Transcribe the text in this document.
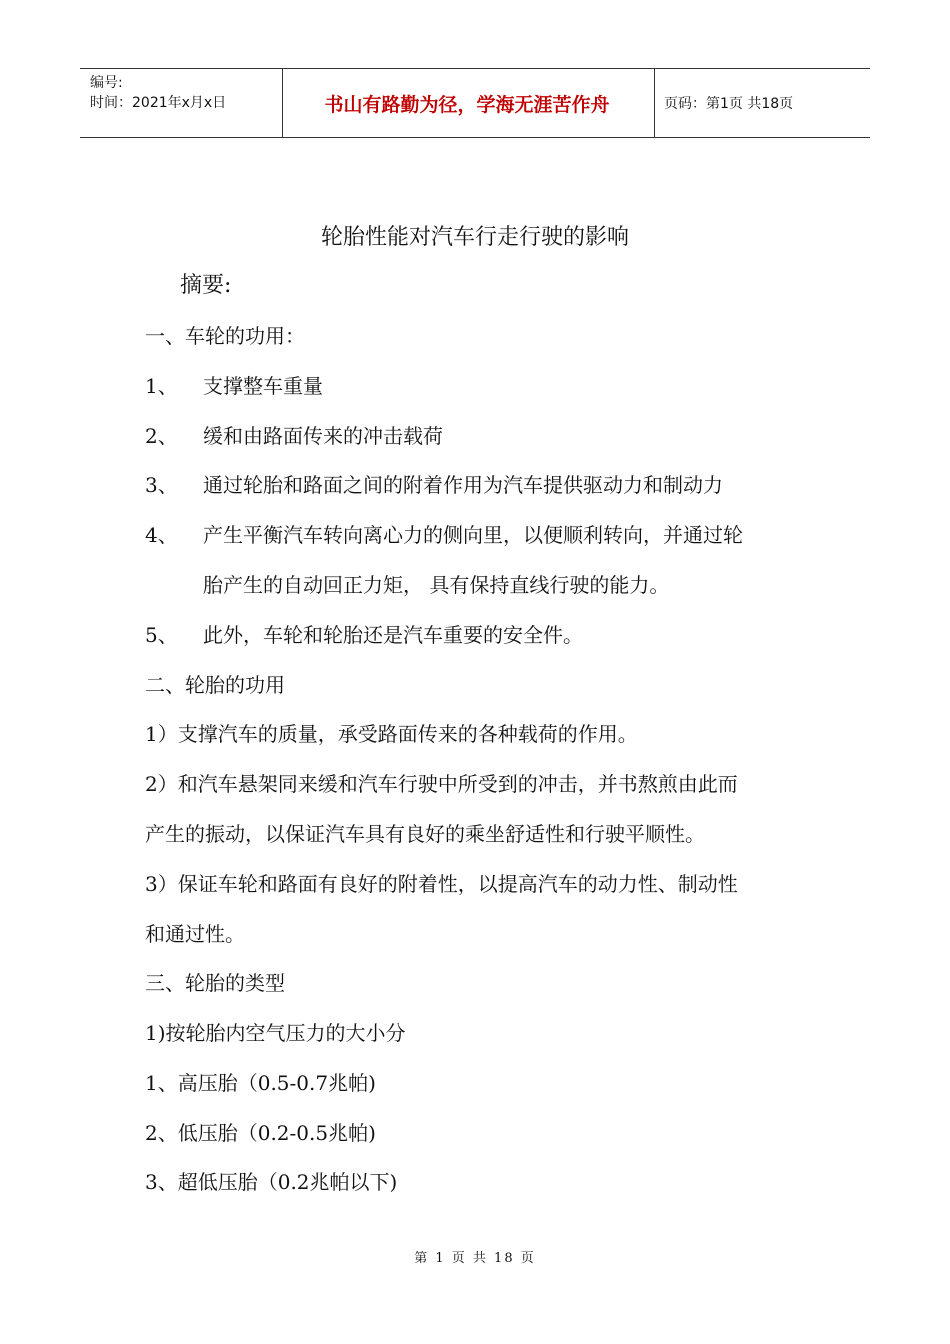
编号:
时间：2021年x月x日	书山有路勤为径，学海无涯苦作舟	页码：第1页 共18页
轮胎性能对汽车行走行驶的影响
摘要:
一、车轮的功用：
1、 支撑整车重量
2、 缓和由路面传来的冲击载荷
3、 通过轮胎和路面之间的附着作用为汽车提供驱动力和制动力
4、 产生平衡汽车转向离心力的侧向里，以便顺利转向，并通过轮
胎产生的自动回正力矩， 具有保持直线行驶的能力。
5、 此外，车轮和轮胎还是汽车重要的安全件。
二、轮胎的功用
1）支撑汽车的质量，承受路面传来的各种载荷的作用。
2）和汽车悬架同来缓和汽车行驶中所受到的冲击，并书熬煎由此而
产生的振动，以保证汽车具有良好的乘坐舒适性和行驶平顺性。
3）保证车轮和路面有良好的附着性，以提高汽车的动力性、制动性
和通过性。
三、轮胎的类型
1)按轮胎内空气压力的大小分
1、高压胎（0.5-0.7兆帕)
2、低压胎（0.2-0.5兆帕)
3、超低压胎（0.2兆帕以下)
第 1 页 共 18 页
